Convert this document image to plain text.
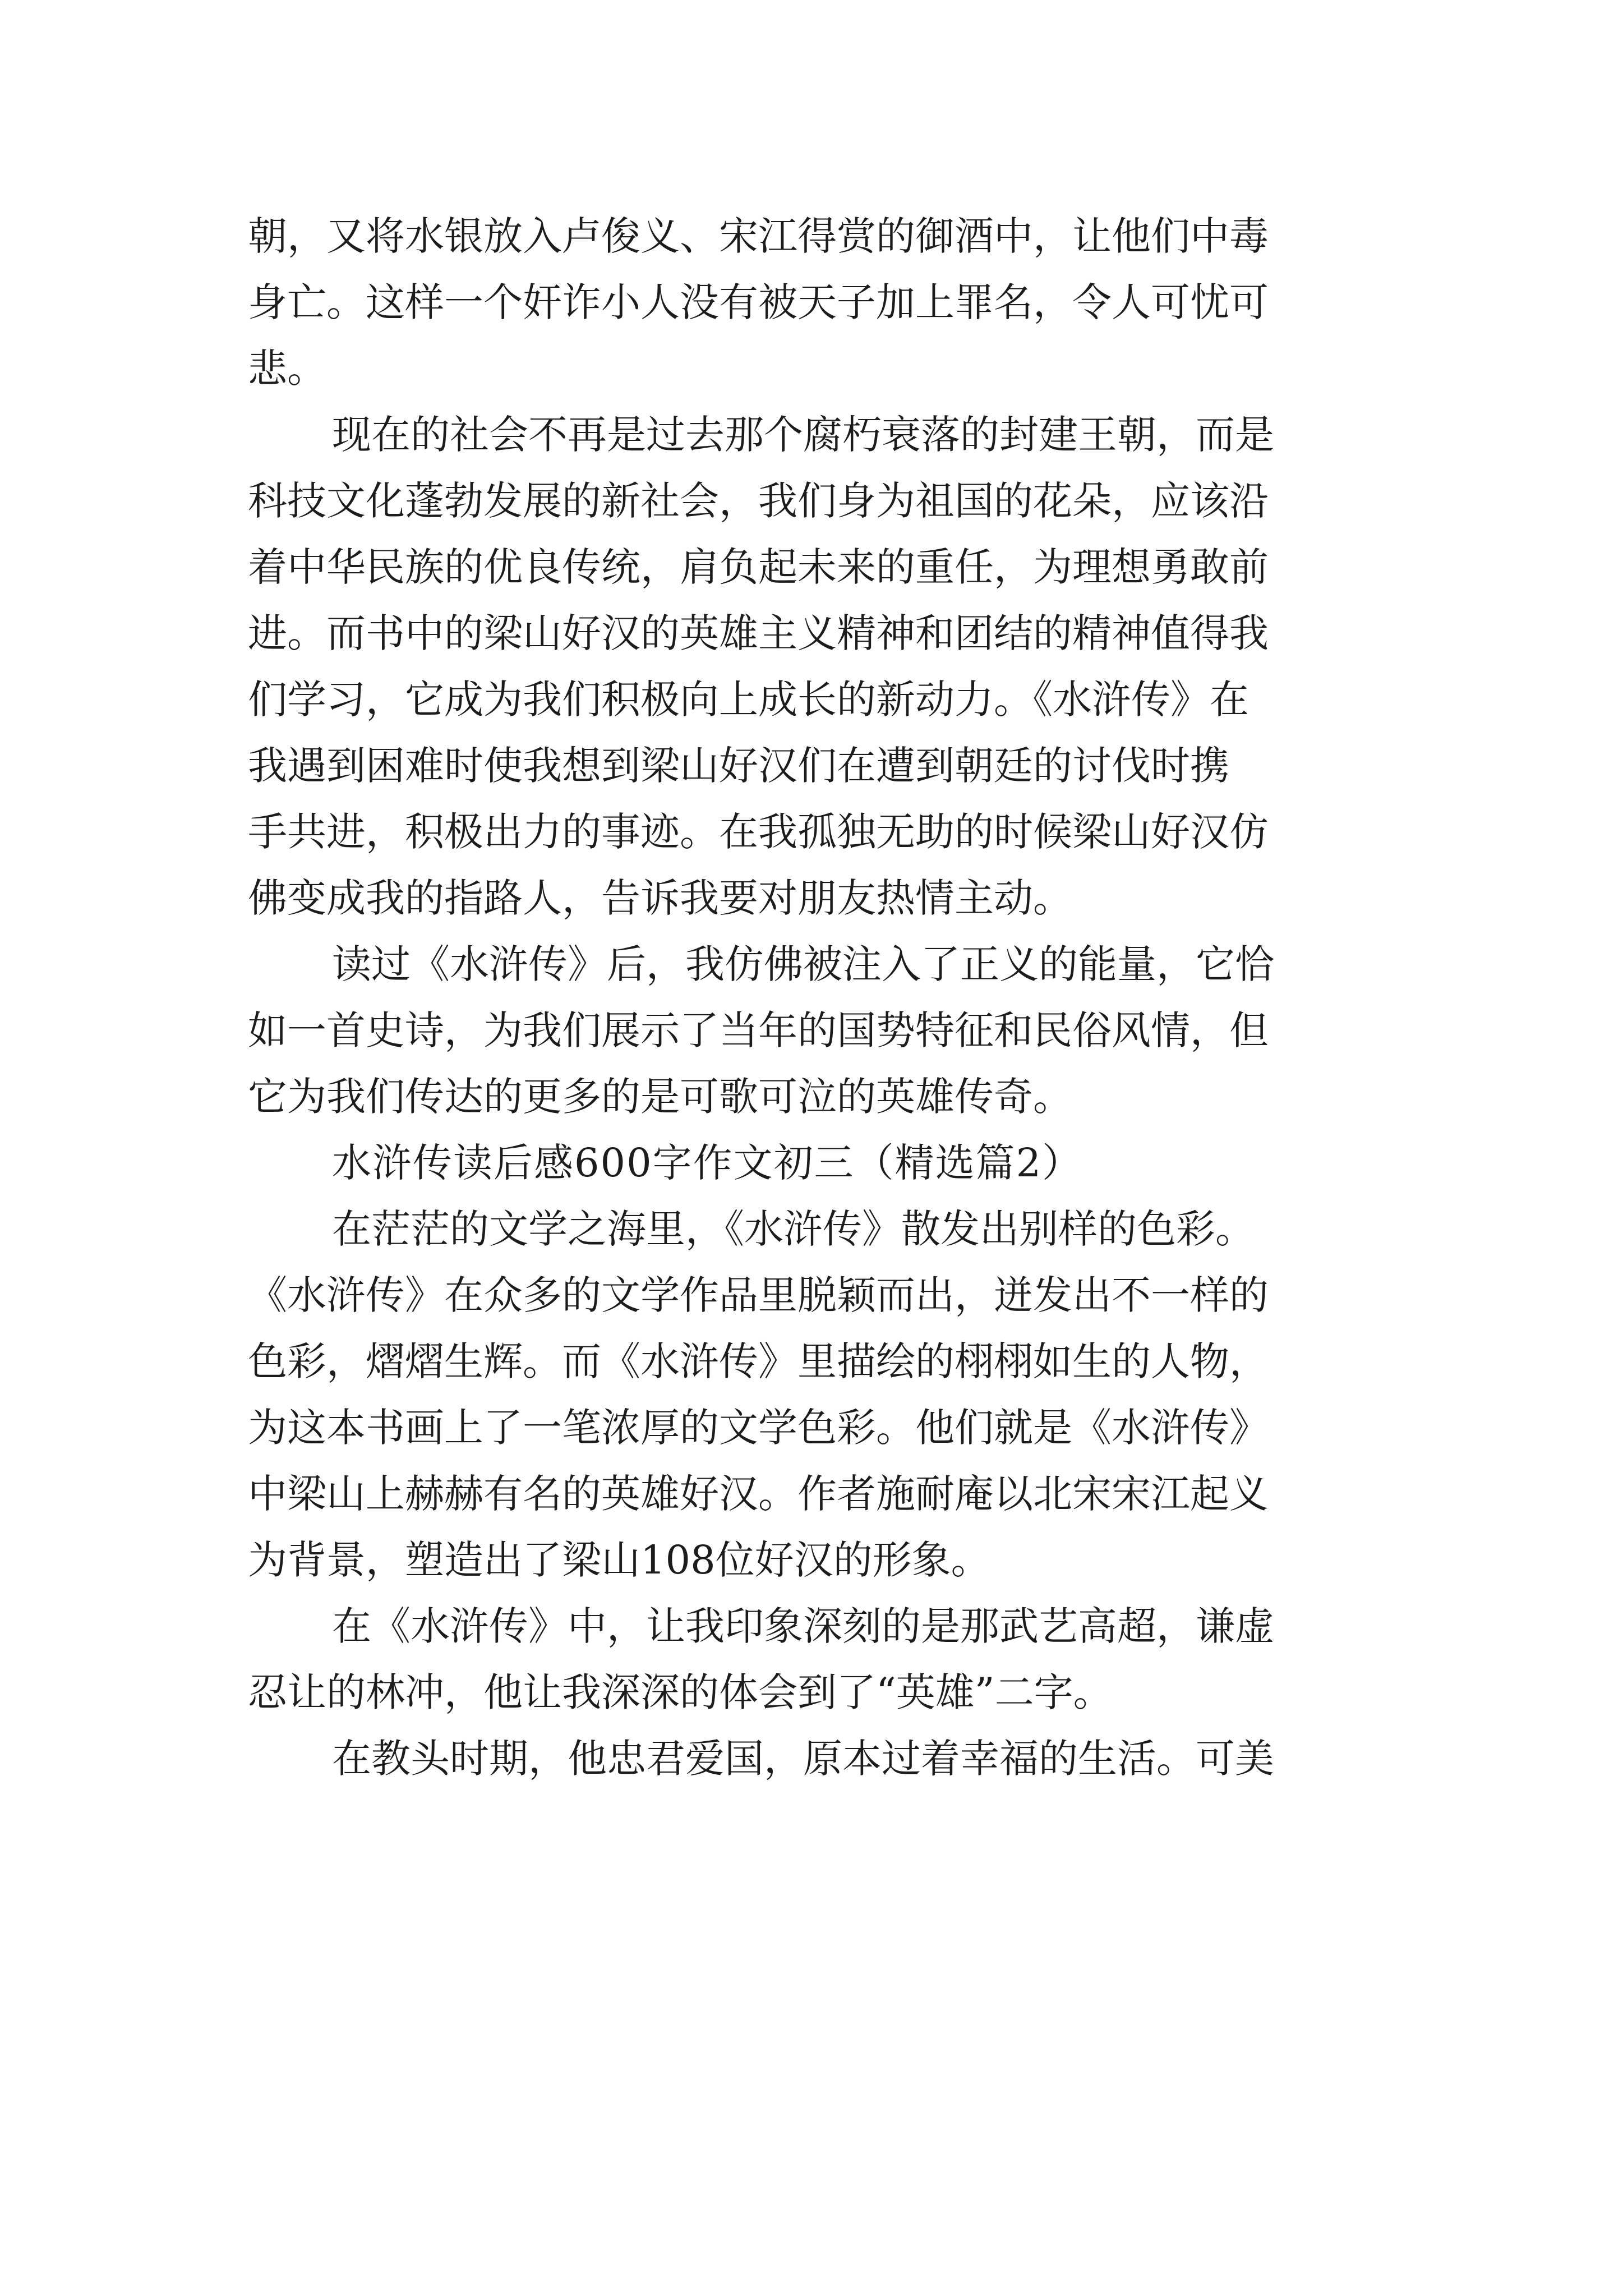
朝，又将水银放入卢俊义、宋江得赏的御酒中，让他们中毒
身亡。这样一个奸诈小人没有被天子加上罪名，令人可忧可
悲。
现在的社会不再是过去那个腐朽衰落的封建王朝，而是
科技文化蓬勃发展的新社会，我们身为祖国的花朵，应该沿
着中华民族的优良传统，肩负起未来的重任，为理想勇敢前
进。而书中的梁山好汉的英雄主义精神和团结的精神值得我
们学习，它成为我们积极向上成长的新动力。《水浒传》在
我遇到困难时使我想到梁山好汉们在遭到朝廷的讨伐时携
手共进，积极出力的事迹。在我孤独无助的时候梁山好汉仿
佛变成我的指路人，告诉我要对朋友热情主动。
读过《水浒传》后，我仿佛被注入了正义的能量，它恰
如一首史诗，为我们展示了当年的国势特征和民俗风情，但
它为我们传达的更多的是可歌可泣的英雄传奇。
水浒传读后感600字作文初三（精选篇2）
在茫茫的文学之海里，《水浒传》散发出别样的色彩。
《水浒传》在众多的文学作品里脱颖而出，迸发出不一样的
色彩，熠熠生辉。而《水浒传》里描绘的栩栩如生的人物，
为这本书画上了一笔浓厚的文学色彩。他们就是《水浒传》
中梁山上赫赫有名的英雄好汉。作者施耐庵以北宋宋江起义
为背景，塑造出了梁山108位好汉的形象。
在《水浒传》中，让我印象深刻的是那武艺高超，谦虚
忍让的林冲，他让我深深的体会到了“英雄”二字。
在教头时期，他忠君爱国，原本过着幸福的生活。可美
